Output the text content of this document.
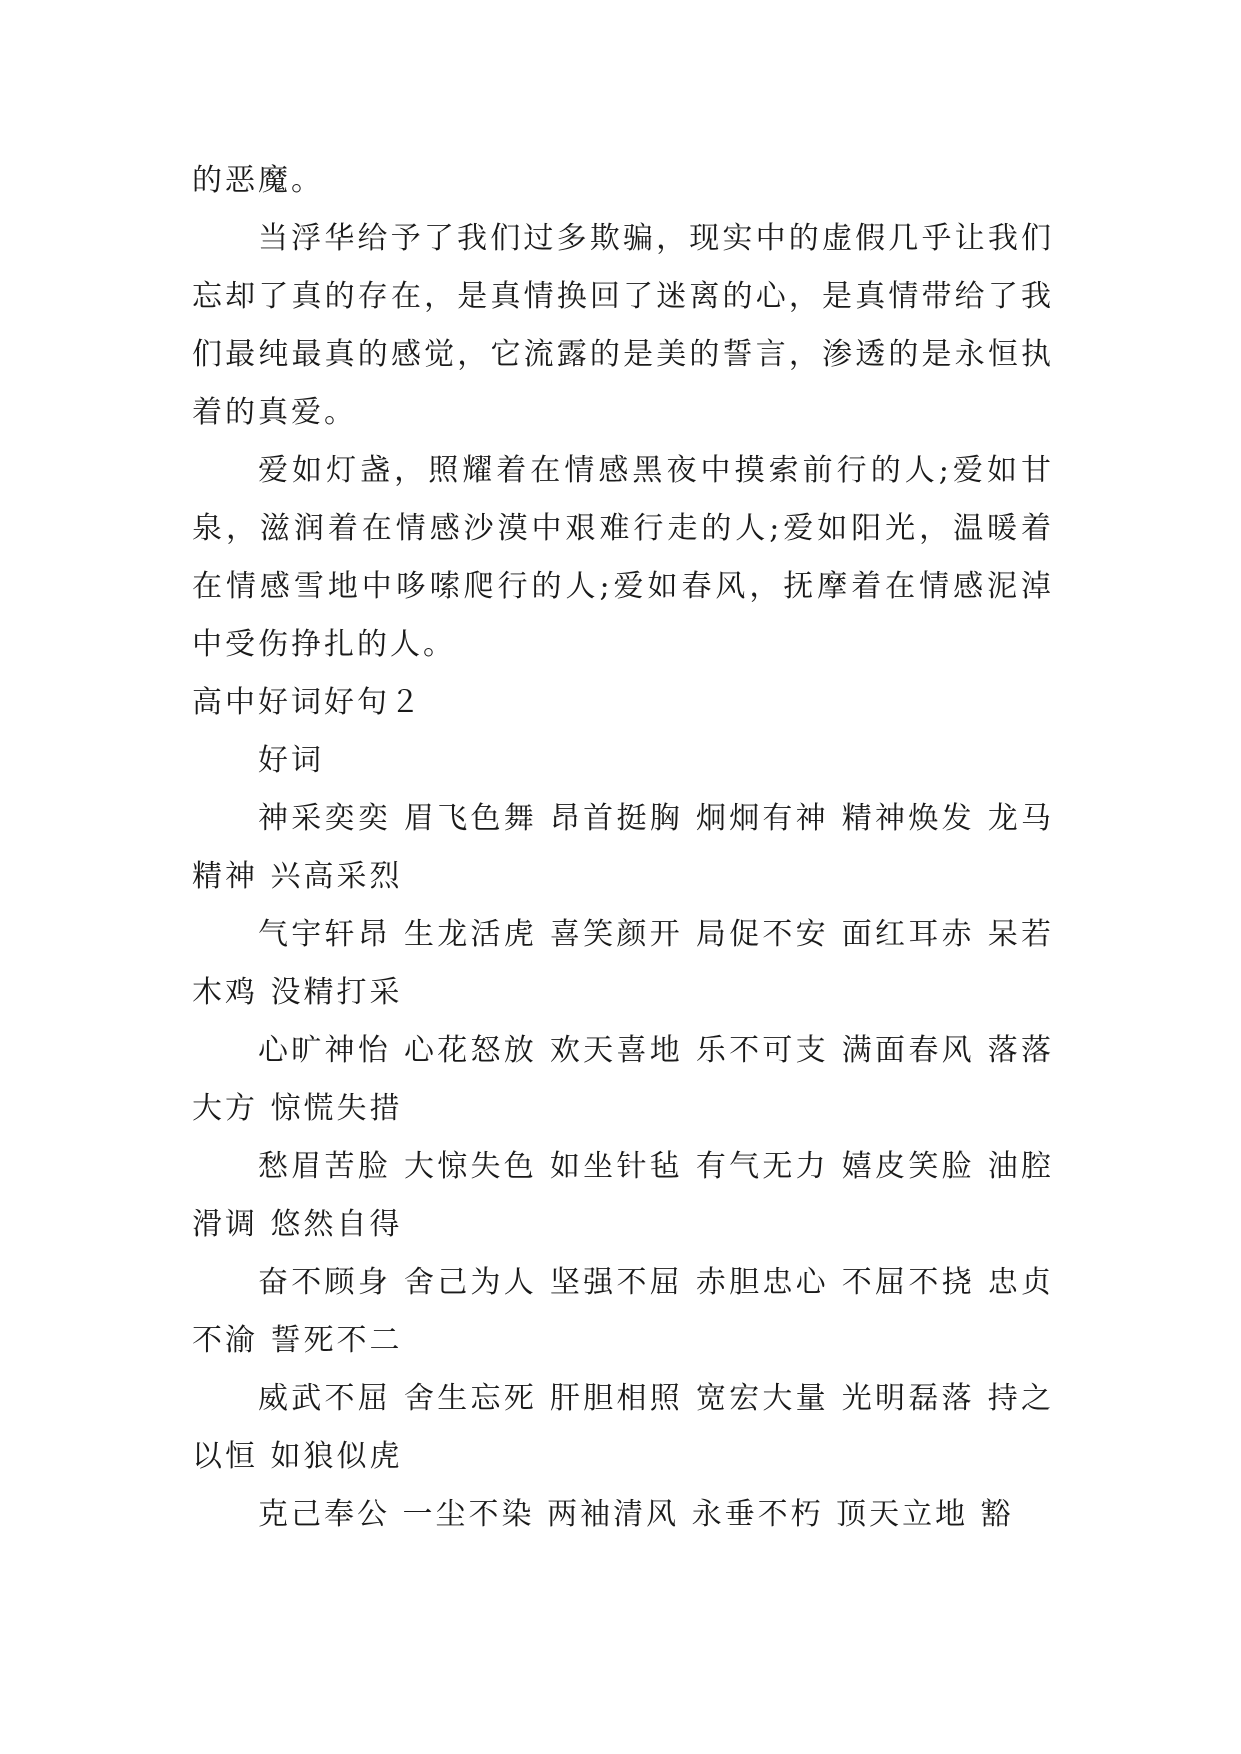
的恶魔。

当浮华给予了我们过多欺骗，现实中的虚假几乎让我们忘却了真的存在，是真情换回了迷离的心，是真情带给了我们最纯最真的感觉，它流露的是美的誓言，渗透的是永恒执着的真爱。

爱如灯盏，照耀着在情感黑夜中摸索前行的人;爱如甘泉，滋润着在情感沙漠中艰难行走的人;爱如阳光，温暖着在情感雪地中哆嗦爬行的人;爱如春风，抚摩着在情感泥淖中受伤挣扎的人。

高中好词好句２

好词

神采奕奕 眉飞色舞 昂首挺胸 炯炯有神 精神焕发 龙马精神 兴高采烈

气宇轩昂 生龙活虎 喜笑颜开 局促不安 面红耳赤 呆若木鸡 没精打采

心旷神怡 心花怒放 欢天喜地 乐不可支 满面春风 落落大方 惊慌失措

愁眉苦脸 大惊失色 如坐针毡 有气无力 嬉皮笑脸 油腔滑调 悠然自得

奋不顾身 舍己为人 坚强不屈 赤胆忠心 不屈不挠 忠贞不渝 誓死不二

威武不屈 舍生忘死 肝胆相照 宽宏大量 光明磊落 持之以恒 如狼似虎

克己奉公 一尘不染 两袖清风 永垂不朽 顶天立地 豁
